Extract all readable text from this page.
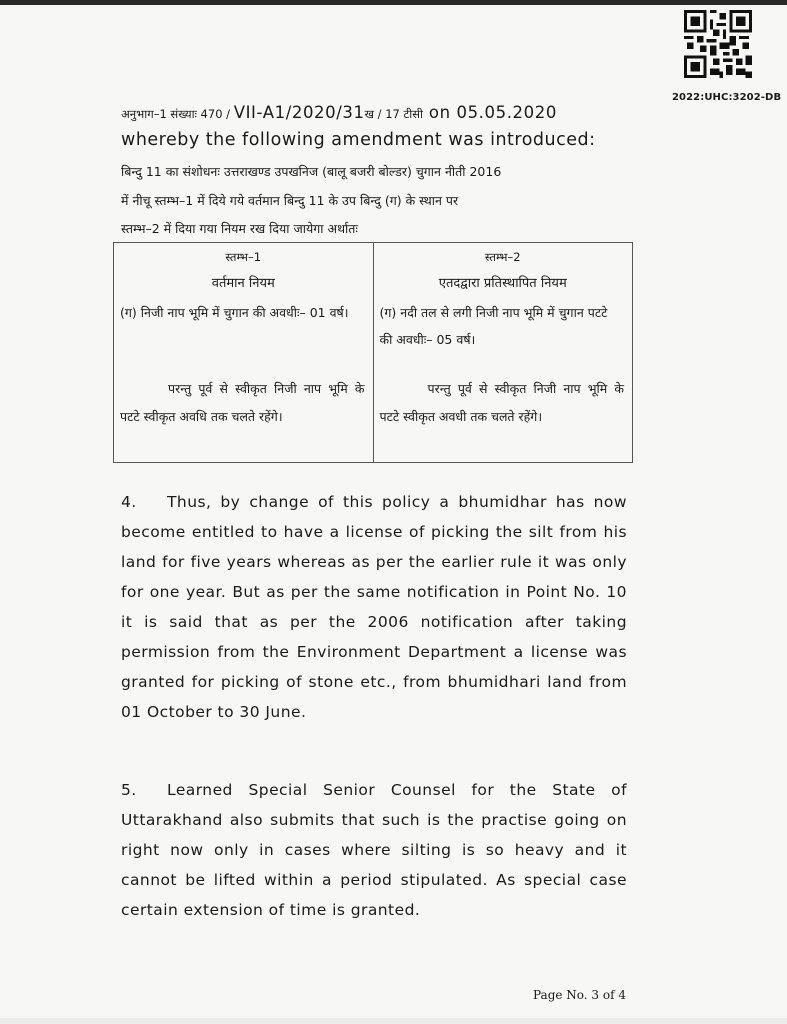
2022:UHC:3202-DB
अनुभाग–1 संख्याः 470 / VII-A1/2020/31ख / 17 टीसी on 05.05.2020
whereby the following amendment was introduced:
बिन्दु 11 का संशोधनः उत्तराखण्ड उपखनिज (बालू बजरी बोल्डर) चुगान नीती 2016
में नीचू स्तम्भ–1 में दिये गये वर्तमान बिन्दु 11 के उप बिन्दु (ग) के स्थान पर
स्तम्भ–2 में दिया गया नियम रख दिया जायेगा अर्थातः
स्तम्भ–1
वर्तमान नियम
(ग) निजी नाप भूमि में चुगान की अवधीः– 01 वर्ष।
परन्तु पूर्व से स्वीकृत निजी नाप भूमि के पटटे स्वीकृत अवधि तक चलते रहेंगे।
स्तम्भ–2
एतदद्वारा प्रतिस्थापित नियम
(ग) नदी तल से लगी निजी नाप भूमि में चुगान पटटे की अवधीः– 05 वर्ष।
परन्तु पूर्व से स्वीकृत निजी नाप भूमि के पटटे स्वीकृत अवधी तक चलते रहेंगे।
4. Thus, by change of this policy a bhumidhar has now become entitled to have a license of picking the silt from his land for five years whereas as per the earlier rule it was only for one year. But as per the same notification in Point No. 10 it is said that as per the 2006 notification after taking permission from the Environment Department a license was granted for picking of stone etc., from bhumidhari land from 01 October to 30 June.
5. Learned Special Senior Counsel for the State of Uttarakhand also submits that such is the practise going on right now only in cases where silting is so heavy and it cannot be lifted within a period stipulated. As special case certain extension of time is granted.
Page No. 3 of 4
